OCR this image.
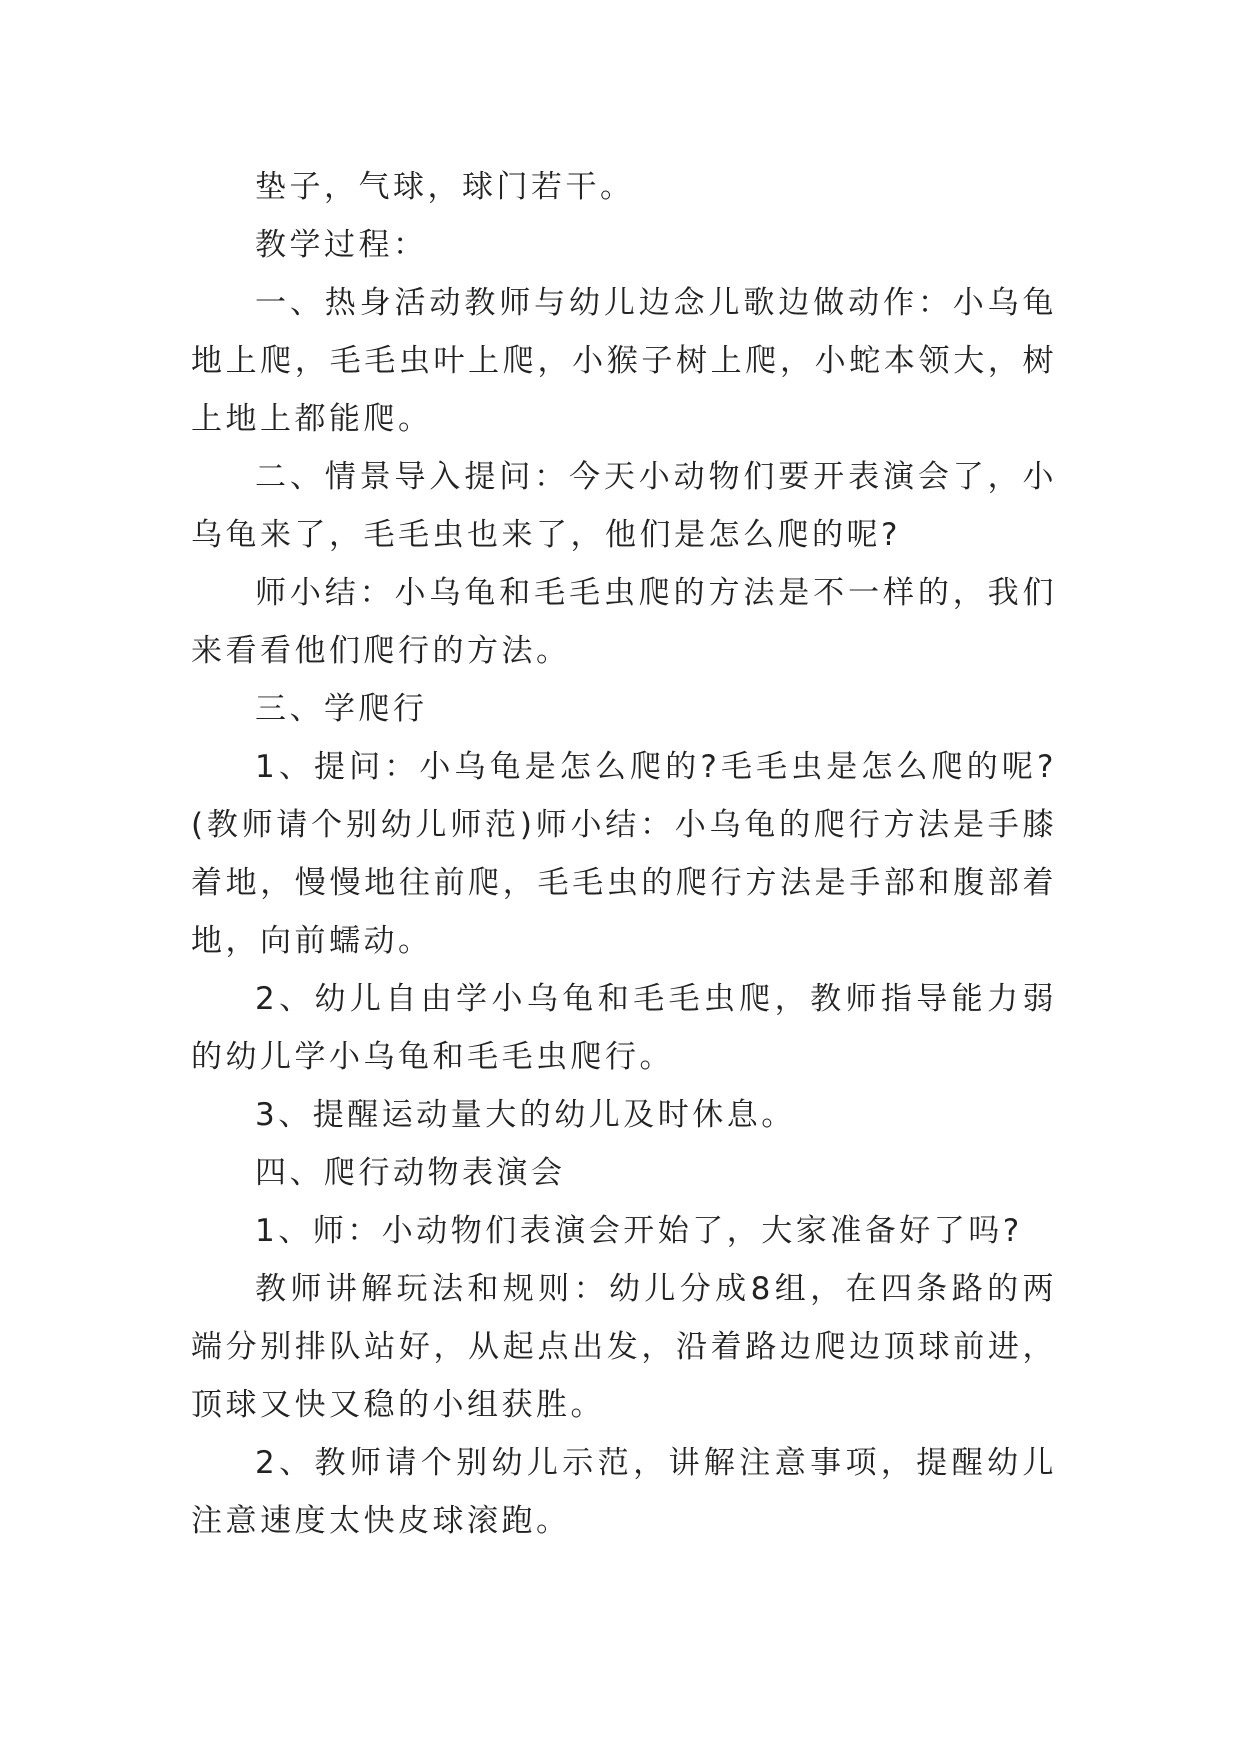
垫子，气球，球门若干。

教学过程：

一、热身活动教师与幼儿边念儿歌边做动作：小乌龟地上爬，毛毛虫叶上爬，小猴子树上爬，小蛇本领大，树上地上都能爬。

二、情景导入提问：今天小动物们要开表演会了，小乌龟来了，毛毛虫也来了，他们是怎么爬的呢?

师小结：小乌龟和毛毛虫爬的方法是不一样的，我们来看看他们爬行的方法。

三、学爬行

1、提问：小乌龟是怎么爬的?毛毛虫是怎么爬的呢?(教师请个别幼儿师范)师小结：小乌龟的爬行方法是手膝着地，慢慢地往前爬，毛毛虫的爬行方法是手部和腹部着地，向前蠕动。

2、幼儿自由学小乌龟和毛毛虫爬，教师指导能力弱的幼儿学小乌龟和毛毛虫爬行。

3、提醒运动量大的幼儿及时休息。

四、爬行动物表演会

1、师：小动物们表演会开始了，大家准备好了吗?

教师讲解玩法和规则：幼儿分成8组，在四条路的两端分别排队站好，从起点出发，沿着路边爬边顶球前进，顶球又快又稳的小组获胜。

2、教师请个别幼儿示范，讲解注意事项，提醒幼儿注意速度太快皮球滚跑。
